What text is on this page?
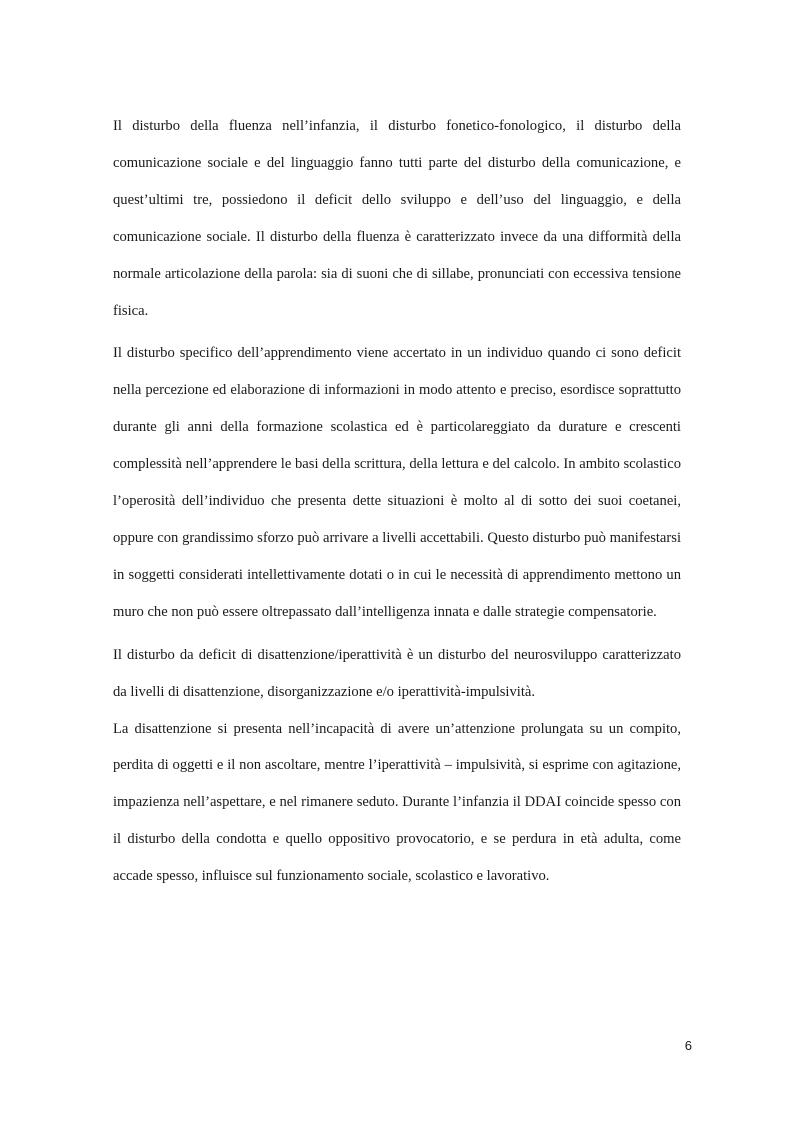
Il disturbo della fluenza nell’infanzia, il disturbo fonetico-fonologico, il disturbo della comunicazione sociale e del linguaggio fanno tutti parte del disturbo della comunicazione, e quest’ultimi tre, possiedono il deficit dello sviluppo e dell’uso del linguaggio, e della comunicazione sociale. Il disturbo della fluenza è caratterizzato invece da una difformità della normale articolazione della parola: sia di suoni che di sillabe, pronunciati con eccessiva tensione fisica.

Il disturbo specifico dell’apprendimento viene accertato in un individuo quando ci sono deficit nella percezione ed elaborazione di informazioni in modo attento e preciso, esordisce soprattutto durante gli anni della formazione scolastica ed è particolareggiato da durature e crescenti complessità nell’apprendere le basi della scrittura, della lettura e del calcolo. In ambito scolastico l’operosità dell’individuo che presenta dette situazioni è molto al di sotto dei suoi coetanei, oppure con grandissimo sforzo può arrivare a livelli accettabili. Questo disturbo può manifestarsi in soggetti considerati intellettivamente dotati o in cui le necessità di apprendimento mettono un muro che non può essere oltrepassato dall’intelligenza innata e dalle strategie compensatorie.

Il disturbo da deficit di disattenzione/iperattività è un disturbo del neurosviluppo caratterizzato da livelli di disattenzione, disorganizzazione e/o iperattività-impulsività.

La disattenzione si presenta nell’incapacità di avere un’attenzione prolungata su un compito, perdita di oggetti e il non ascoltare, mentre l’iperattività – impulsività, si esprime con agitazione, impazienza nell’aspettare, e nel rimanere seduto. Durante l’infanzia il DDAI coincide spesso con il disturbo della condotta e quello oppositivo provocatorio, e se perdura in età adulta, come accade spesso, influisce sul funzionamento sociale, scolastico e lavorativo.

6
